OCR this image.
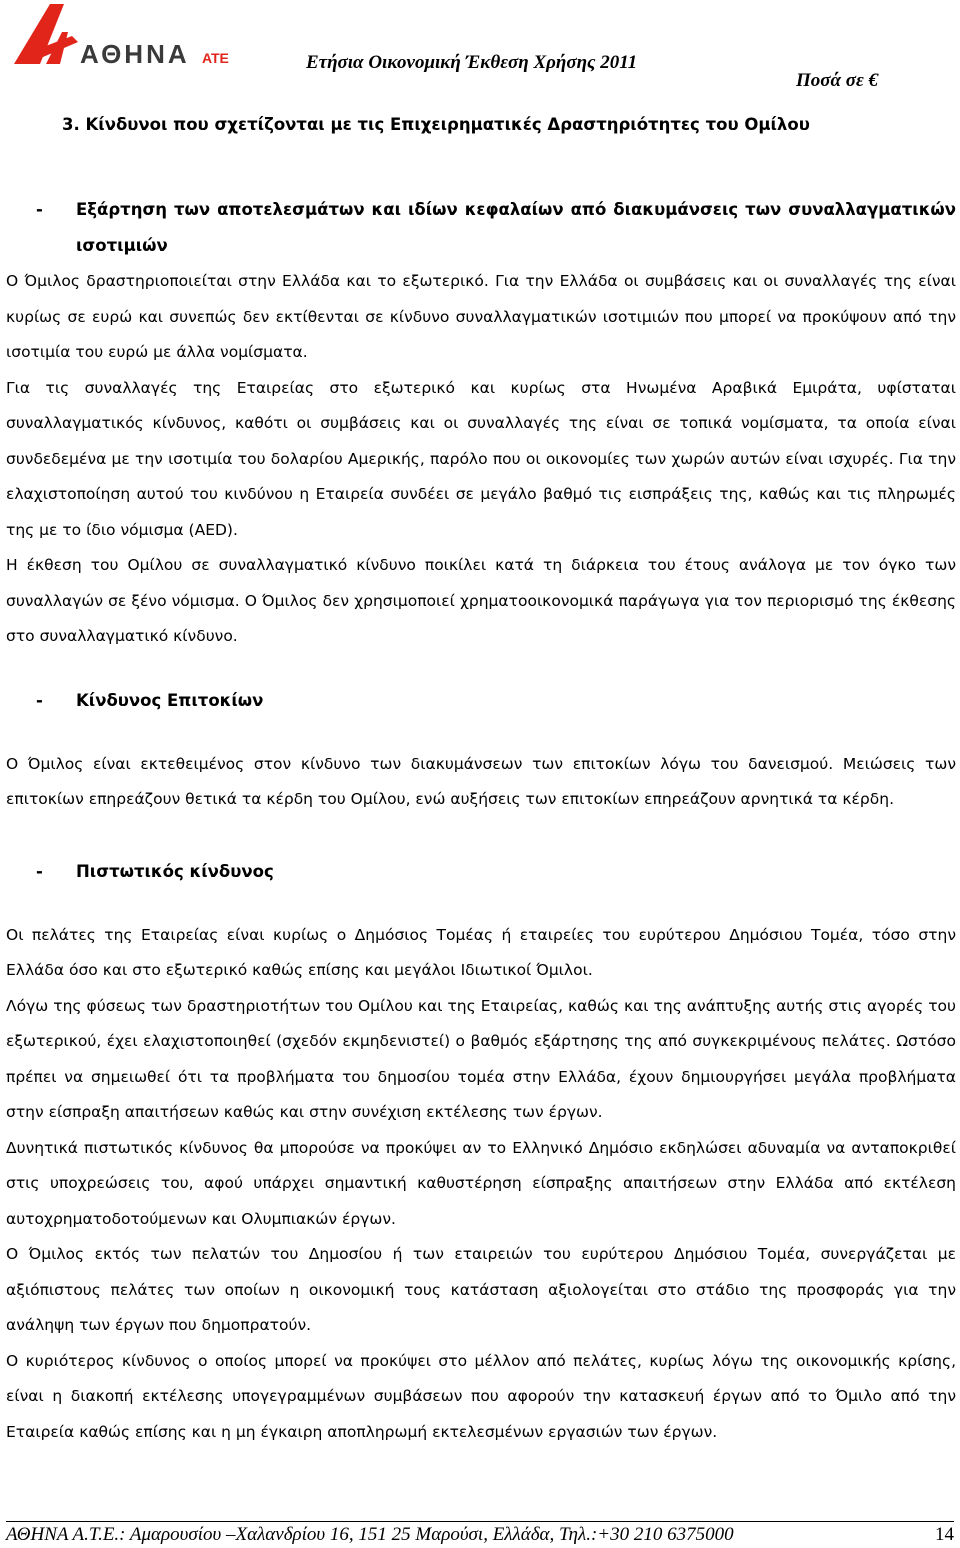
ΑΘΗΝΑ ΑΤΕ	Ετήσια Οικονομική Έκθεση Χρήσης 2011
Ποσά σε €
3. Κίνδυνοι που σχετίζονται με τις Επιχειρηματικές Δραστηριότητες του Ομίλου
-	Εξάρτηση των αποτελεσμάτων και ιδίων κεφαλαίων από διακυμάνσεις των συναλλαγματικών ισοτιμιών

Ο Όμιλος δραστηριοποιείται στην Ελλάδα και το εξωτερικό. Για την Ελλάδα οι συμβάσεις και οι συναλλαγές της είναι κυρίως σε ευρώ και συνεπώς δεν εκτίθενται σε κίνδυνο συναλλαγματικών ισοτιμιών που μπορεί να προκύψουν από την ισοτιμία του ευρώ με άλλα νομίσματα.

Για τις συναλλαγές της Εταιρείας στο εξωτερικό και κυρίως στα Ηνωμένα Αραβικά Εμιράτα, υφίσταται συναλλαγματικός κίνδυνος, καθότι οι συμβάσεις και οι συναλλαγές της είναι σε τοπικά νομίσματα, τα οποία είναι συνδεδεμένα με την ισοτιμία του δολαρίου Αμερικής, παρόλο που οι οικονομίες των χωρών αυτών είναι ισχυρές. Για την ελαχιστοποίηση αυτού του κινδύνου η Εταιρεία συνδέει σε μεγάλο βαθμό τις εισπράξεις της, καθώς και τις πληρωμές της με το ίδιο νόμισμα (AED).

Η έκθεση του Ομίλου σε συναλλαγματικό κίνδυνο ποικίλει κατά τη διάρκεια του έτους ανάλογα με τον όγκο των συναλλαγών σε ξένο νόμισμα. Ο Όμιλος δεν χρησιμοποιεί χρηματοοικονομικά παράγωγα για τον περιορισμό της έκθεσης στο συναλλαγματικό κίνδυνο.

-	Κίνδυνος Επιτοκίων

Ο Όμιλος είναι εκτεθειμένος στον κίνδυνο των διακυμάνσεων των επιτοκίων λόγω του δανεισμού. Μειώσεις των επιτοκίων επηρεάζουν θετικά τα κέρδη του Ομίλου, ενώ αυξήσεις των επιτοκίων επηρεάζουν αρνητικά τα κέρδη.

-	Πιστωτικός κίνδυνος

Οι πελάτες της Εταιρείας είναι κυρίως ο Δημόσιος Τομέας ή εταιρείες του ευρύτερου Δημόσιου Τομέα, τόσο στην Ελλάδα όσο και στο εξωτερικό καθώς επίσης και μεγάλοι Ιδιωτικοί Όμιλοι.

Λόγω της φύσεως των δραστηριοτήτων του Ομίλου και της Εταιρείας, καθώς και της ανάπτυξης αυτής στις αγορές του εξωτερικού, έχει ελαχιστοποιηθεί (σχεδόν εκμηδενιστεί) ο βαθμός εξάρτησης της από συγκεκριμένους πελάτες. Ωστόσο πρέπει να σημειωθεί ότι τα προβλήματα του δημοσίου τομέα στην Ελλάδα, έχουν δημιουργήσει μεγάλα προβλήματα στην είσπραξη απαιτήσεων καθώς και στην συνέχιση εκτέλεσης των έργων.

Δυνητικά πιστωτικός κίνδυνος θα μπορούσε να προκύψει αν το Ελληνικό Δημόσιο εκδηλώσει αδυναμία να ανταποκριθεί στις υποχρεώσεις του, αφού υπάρχει σημαντική καθυστέρηση είσπραξης απαιτήσεων στην Ελλάδα από εκτέλεση αυτοχρηματοδοτούμενων και Ολυμπιακών έργων.

Ο Όμιλος εκτός των πελατών του Δημοσίου ή των εταιρειών του ευρύτερου Δημόσιου Τομέα, συνεργάζεται με αξιόπιστους πελάτες των οποίων η οικονομική τους κατάσταση αξιολογείται στο στάδιο της προσφοράς για την ανάληψη των έργων που δημοπρατούν.

Ο κυριότερος κίνδυνος ο οποίος μπορεί να προκύψει στο μέλλον από πελάτες, κυρίως λόγω της οικονομικής κρίσης, είναι η διακοπή εκτέλεσης υπογεγραμμένων συμβάσεων που αφορούν την κατασκευή έργων από το Όμιλο από την Εταιρεία καθώς επίσης και η μη έγκαιρη αποπληρωμή εκτελεσμένων εργασιών των έργων.

ΑΘΗΝΑ Α.Τ.Ε.: Αμαρουσίου –Χαλανδρίου 16, 151 25 Μαρούσι, Ελλάδα, Τηλ.:+30 210 6375000	14
